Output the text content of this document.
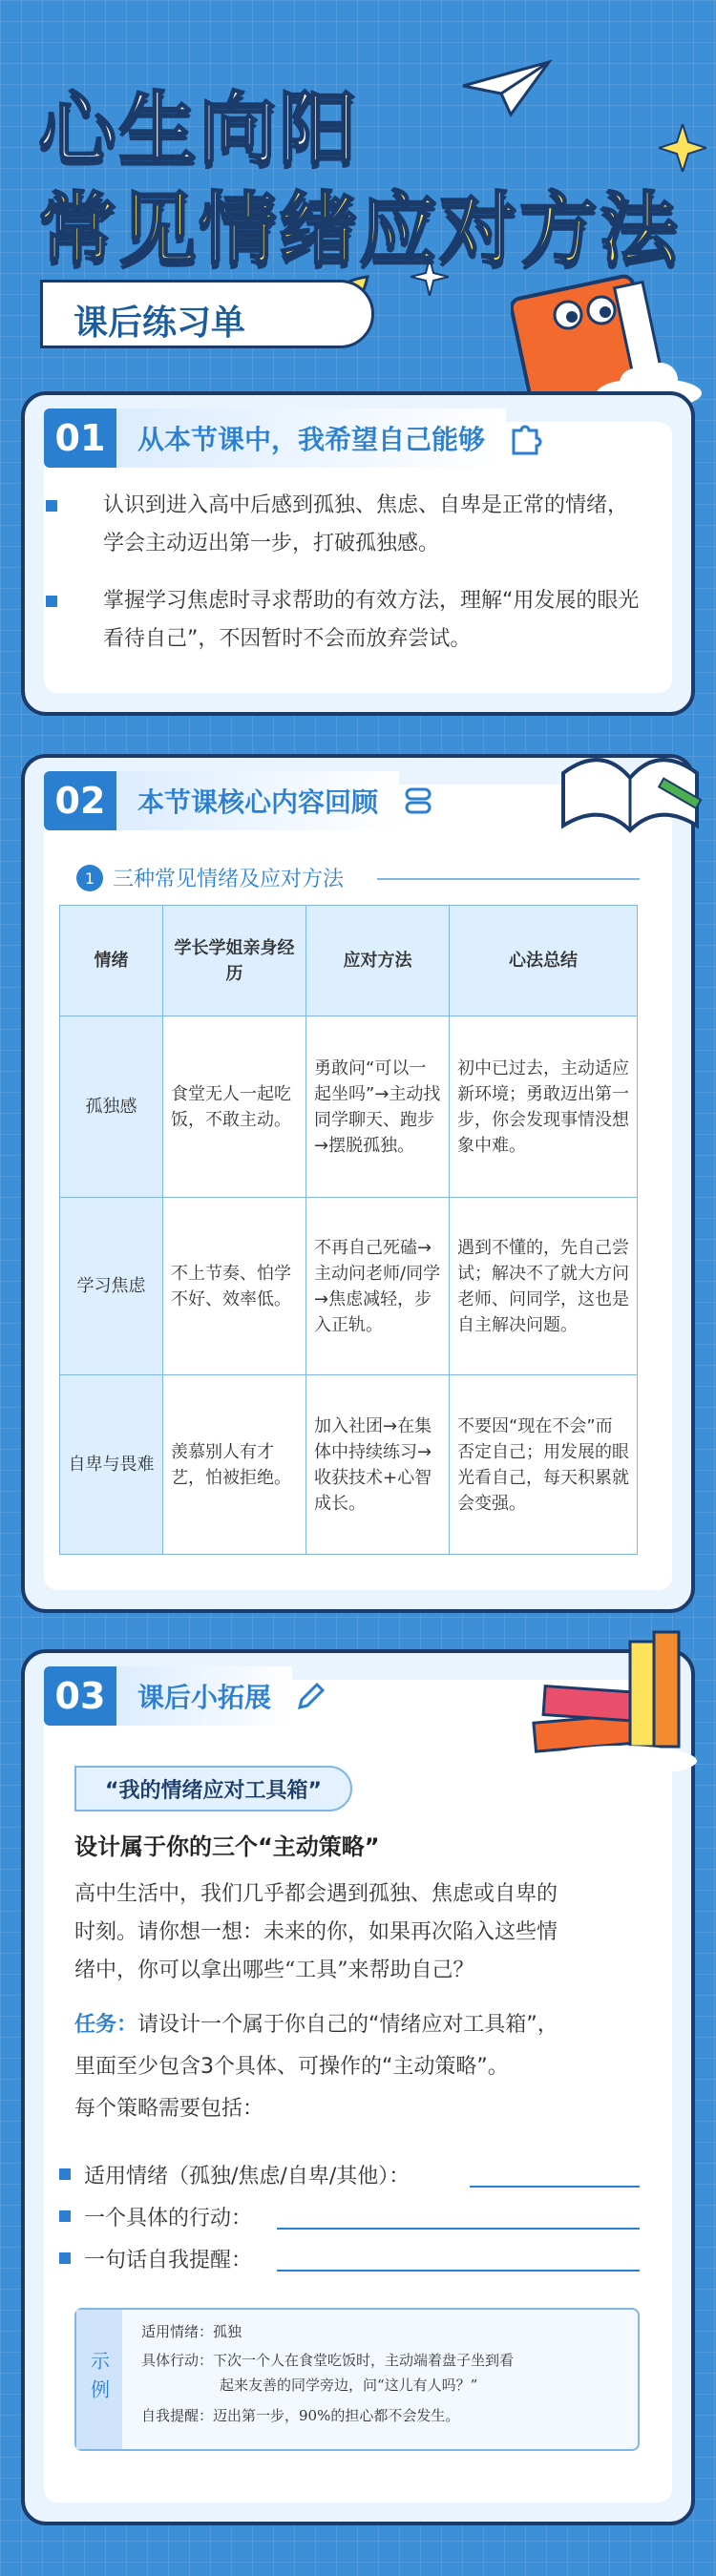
心生向阳
常见情绪应对方法
课后练习单
01	从本节课中，我希望自己能够
认识到进入高中后感到孤独、焦虑、自卑是正常的情绪，学会主动迈出第一步，打破孤独感。
掌握学习焦虑时寻求帮助的有效方法，理解“用发展的眼光看待自己”，不因暂时不会而放弃尝试。
02	本节课核心内容回顾
1 三种常见情绪及应对方法
情绪	学长学姐亲身经历	应对方法	心法总结
孤独感	食堂无人一起吃饭，不敢主动。	勇敢问“可以一起坐吗”→主动找同学聊天、跑步→摆脱孤独。	初中已过去，主动适应新环境；勇敢迈出第一步，你会发现事情没想象中难。
学习焦虑	不上节奏、怕学不好、效率低。	不再自己死磕→主动问老师/同学→焦虑减轻，步入正轨。	遇到不懂的，先自己尝试；解决不了就大方问老师、问同学，这也是自主解决问题。
自卑与畏难	羡慕别人有才艺，怕被拒绝。	加入社团→在集体中持续练习→收获技术+心智成长。	不要因“现在不会”而否定自己；用发展的眼光看自己，每天积累就会变强。
03	课后小拓展
“我的情绪应对工具箱”
设计属于你的三个“主动策略”
高中生活中，我们几乎都会遇到孤独、焦虑或自卑的
时刻。请你想一想：未来的你，如果再次陷入这些情
绪中，你可以拿出哪些“工具”来帮助自己？
任务：请设计一个属于你自己的“情绪应对工具箱”，
里面至少包含3个具体、可操作的“主动策略”。
每个策略需要包括：
适用情绪（孤独/焦虑/自卑/其他）：
一个具体的行动：
一句话自我提醒：
示例
适用情绪：孤独
具体行动：下次一个人在食堂吃饭时，主动端着盘子坐到看
起来友善的同学旁边，问“这儿有人吗？”
自我提醒：迈出第一步，90%的担心都不会发生。
